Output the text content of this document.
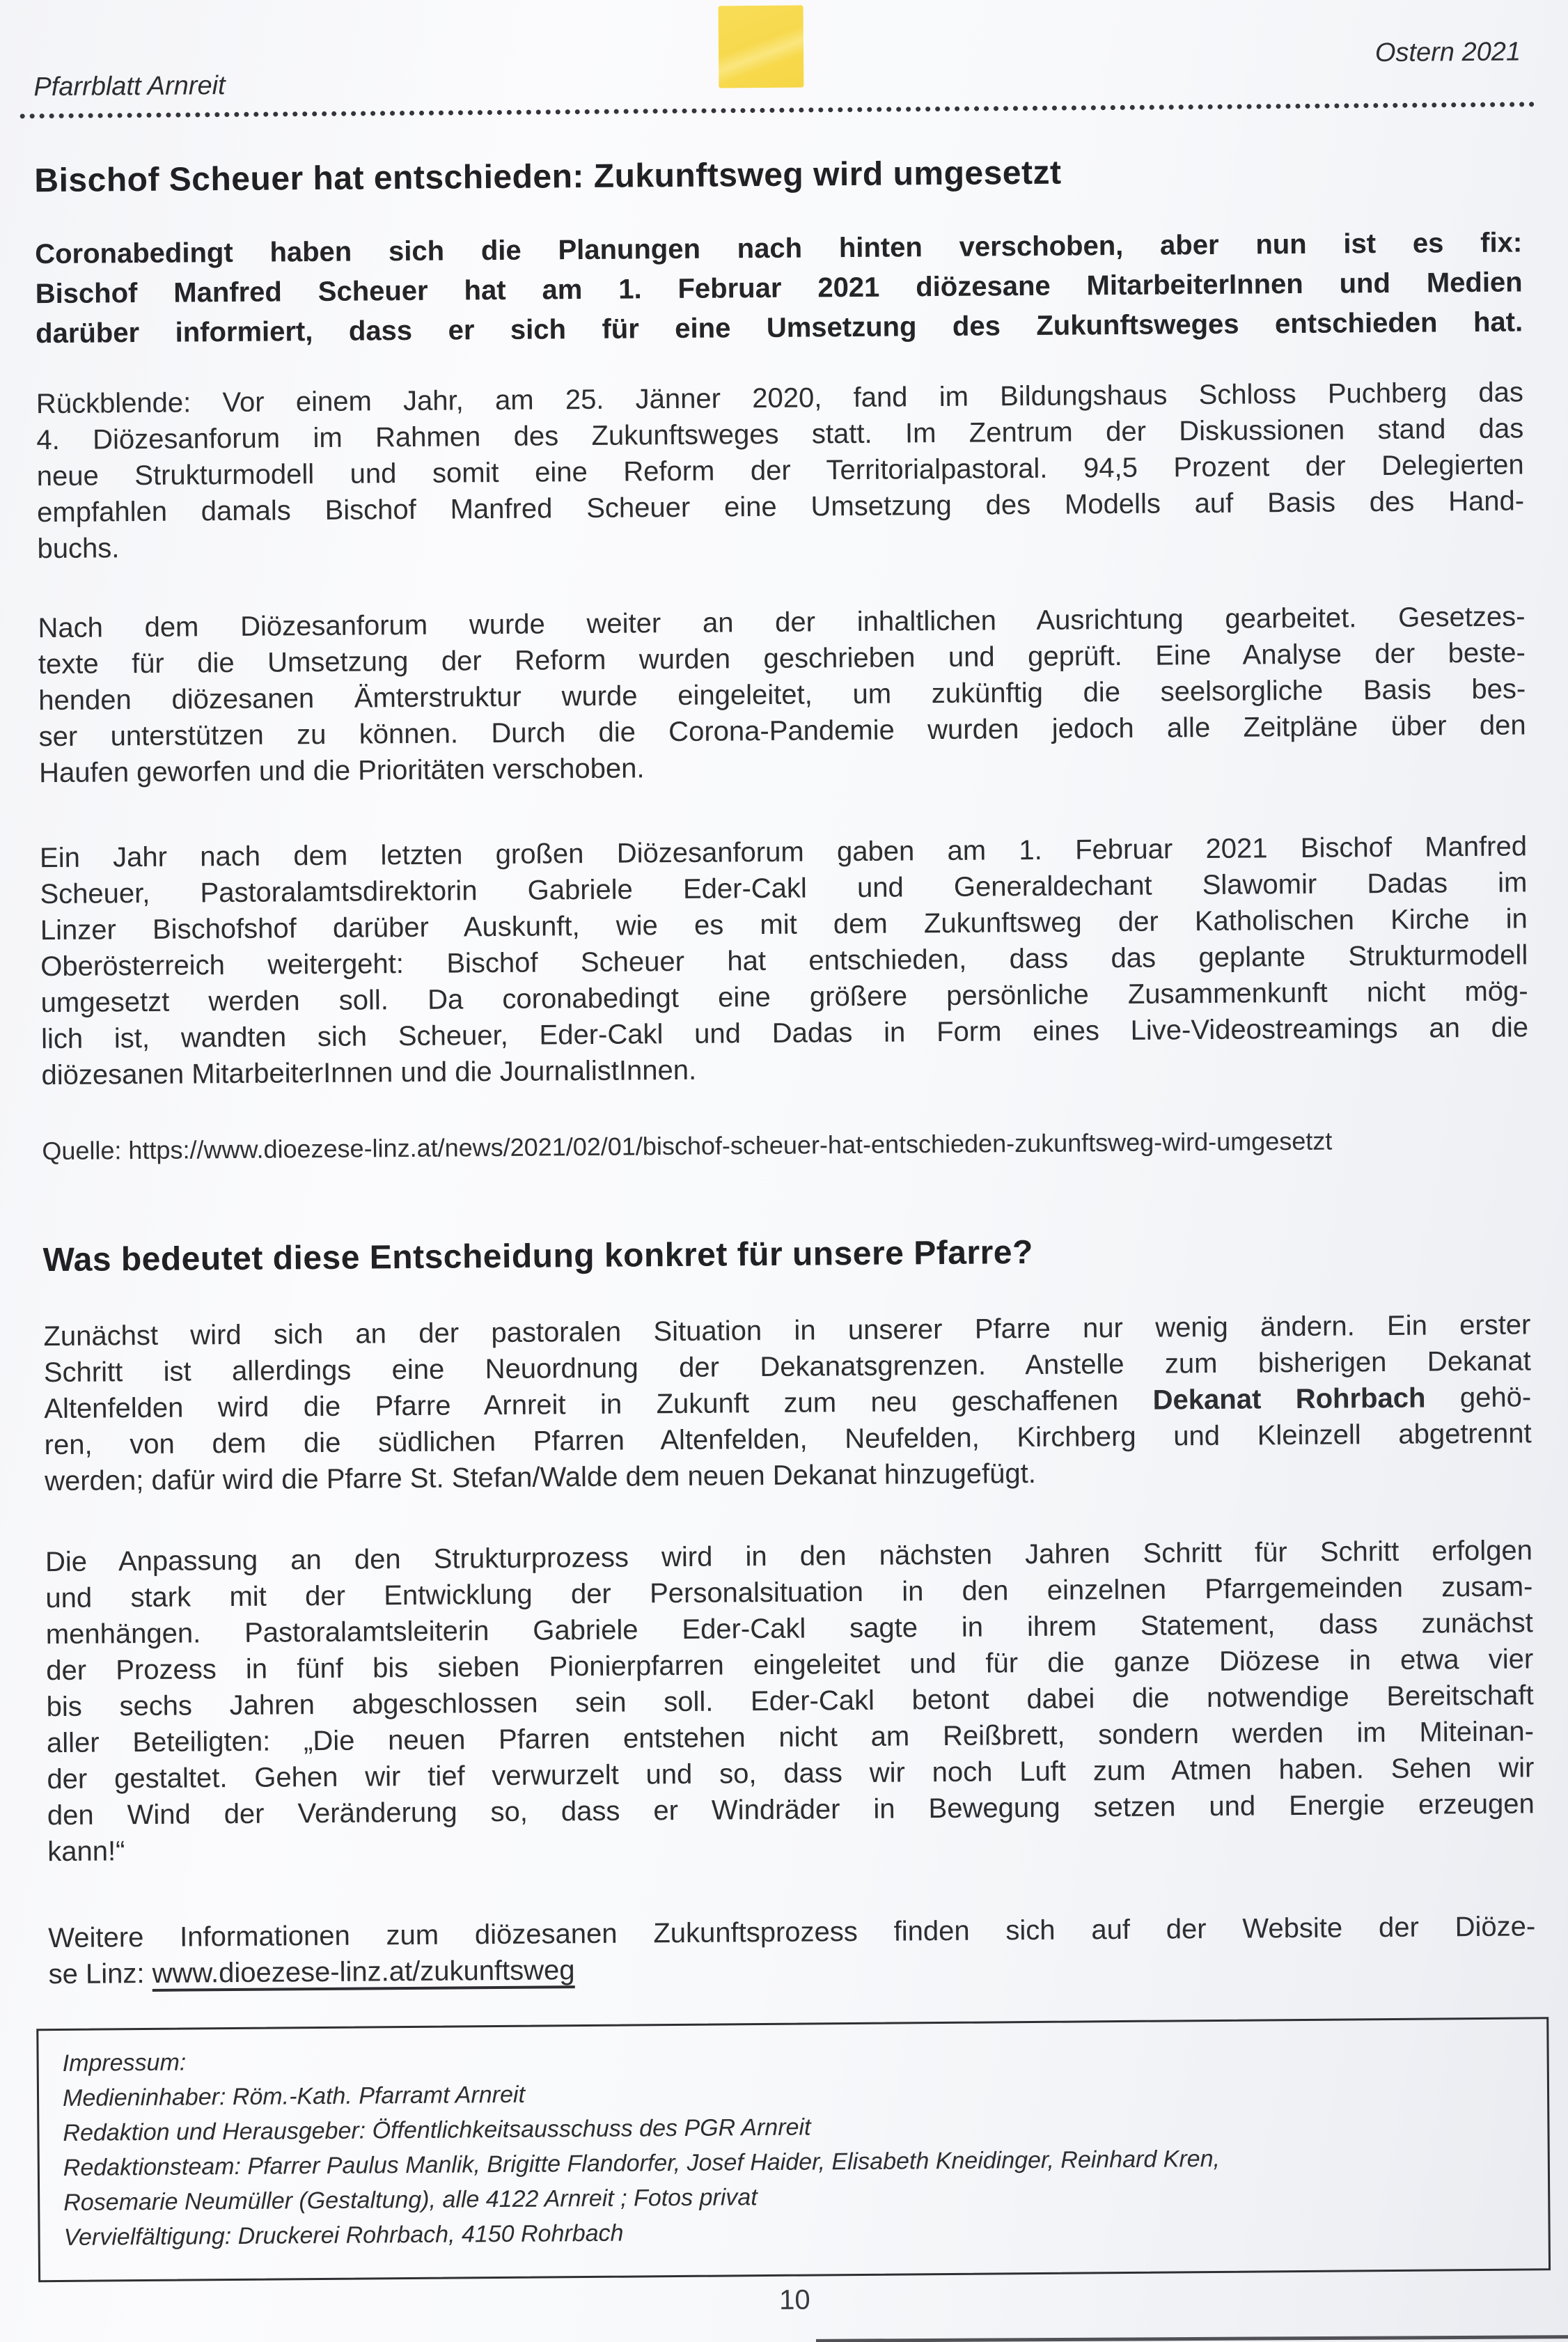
Pfarrblatt Arnreit
Ostern 2021
Bischof Scheuer hat entschieden: Zukunftsweg wird umgesetzt
Coronabedingt haben sich die Planungen nach hinten verschoben, aber nun ist es fix:
Bischof Manfred Scheuer hat am 1. Februar 2021 diözesane MitarbeiterInnen und Medien
darüber informiert, dass er sich für eine Umsetzung des Zukunftsweges entschieden hat.
Rückblende: Vor einem Jahr, am 25. Jänner 2020, fand im Bildungshaus Schloss Puchberg das
4. Diözesanforum im Rahmen des Zukunftsweges statt. Im Zentrum der Diskussionen stand das
neue Strukturmodell und somit eine Reform der Territorialpastoral. 94,5 Prozent der Delegierten
empfahlen damals Bischof Manfred Scheuer eine Umsetzung des Modells auf Basis des Hand-
buchs.
Nach dem Diözesanforum wurde weiter an der inhaltlichen Ausrichtung gearbeitet. Gesetzes-
texte für die Umsetzung der Reform wurden geschrieben und geprüft. Eine Analyse der beste-
henden diözesanen Ämterstruktur wurde eingeleitet, um zukünftig die seelsorgliche Basis bes-
ser unterstützen zu können. Durch die Corona-Pandemie wurden jedoch alle Zeitpläne über den
Haufen geworfen und die Prioritäten verschoben.
Ein Jahr nach dem letzten großen Diözesanforum gaben am 1. Februar 2021 Bischof Manfred
Scheuer, Pastoralamtsdirektorin Gabriele Eder-Cakl und Generaldechant Slawomir Dadas im
Linzer Bischofshof darüber Auskunft, wie es mit dem Zukunftsweg der Katholischen Kirche in
Oberösterreich weitergeht: Bischof Scheuer hat entschieden, dass das geplante Strukturmodell
umgesetzt werden soll. Da coronabedingt eine größere persönliche Zusammenkunft nicht mög-
lich ist, wandten sich Scheuer, Eder-Cakl und Dadas in Form eines Live-Videostreamings an die
diözesanen MitarbeiterInnen und die JournalistInnen.
Quelle: https://www.dioezese-linz.at/news/2021/02/01/bischof-scheuer-hat-entschieden-zukunftsweg-wird-umgesetzt
Was bedeutet diese Entscheidung konkret für unsere Pfarre?
Zunächst wird sich an der pastoralen Situation in unserer Pfarre nur wenig ändern. Ein erster
Schritt ist allerdings eine Neuordnung der Dekanatsgrenzen. Anstelle zum bisherigen Dekanat
Altenfelden wird die Pfarre Arnreit in Zukunft zum neu geschaffenen Dekanat Rohrbach gehö-
ren, von dem die südlichen Pfarren Altenfelden, Neufelden, Kirchberg und Kleinzell abgetrennt
werden; dafür wird die Pfarre St. Stefan/Walde dem neuen Dekanat hinzugefügt.
Die Anpassung an den Strukturprozess wird in den nächsten Jahren Schritt für Schritt erfolgen
und stark mit der Entwicklung der Personalsituation in den einzelnen Pfarrgemeinden zusam-
menhängen. Pastoralamtsleiterin Gabriele Eder-Cakl sagte in ihrem Statement, dass zunächst
der Prozess in fünf bis sieben Pionierpfarren eingeleitet und für die ganze Diözese in etwa vier
bis sechs Jahren abgeschlossen sein soll. Eder-Cakl betont dabei die notwendige Bereitschaft
aller Beteiligten: „Die neuen Pfarren entstehen nicht am Reißbrett, sondern werden im Miteinan-
der gestaltet. Gehen wir tief verwurzelt und so, dass wir noch Luft zum Atmen haben. Sehen wir
den Wind der Veränderung so, dass er Windräder in Bewegung setzen und Energie erzeugen
kann!“
Weitere Informationen zum diözesanen Zukunftsprozess finden sich auf der Website der Diöze-
se Linz: www.dioezese-linz.at/zukunftsweg
Impressum:
Medieninhaber: Röm.-Kath. Pfarramt Arnreit
Redaktion und Herausgeber: Öffentlichkeitsausschuss des PGR Arnreit
Redaktionsteam: Pfarrer Paulus Manlik, Brigitte Flandorfer, Josef Haider, Elisabeth Kneidinger, Reinhard Kren,
Rosemarie Neumüller (Gestaltung), alle 4122 Arnreit ; Fotos privat
Vervielfältigung: Druckerei Rohrbach, 4150 Rohrbach
10
